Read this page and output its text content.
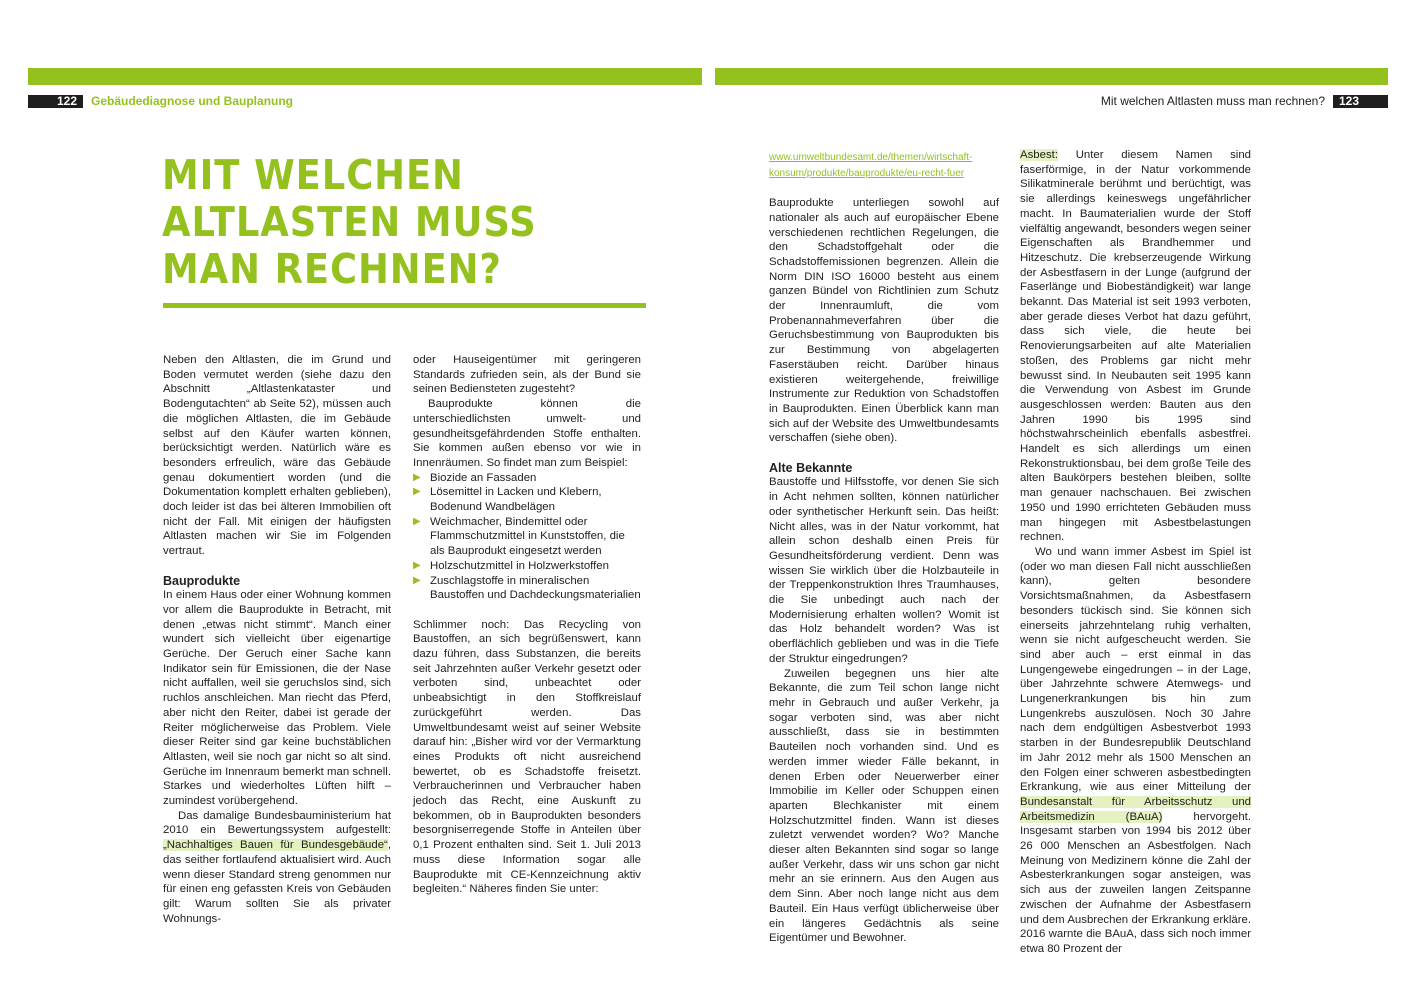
122	Gebäudediagnose und Bauplanung	Mit welchen Altlasten muss man rechnen?	123
MIT WELCHEN
ALTLASTEN MUSS
MAN RECHNEN?

Neben den Altlasten, die im Grund und Boden vermutet werden (siehe dazu den Abschnitt „Altlastenkataster und Bodengutachten“ ab Seite 52), müssen auch die möglichen Altlasten, die im Gebäude selbst auf den Käufer warten können, berücksichtigt werden. Natürlich wäre es besonders erfreulich, wäre das Gebäude genau dokumentiert worden (und die Dokumentation komplett erhalten geblieben), doch leider ist das bei älteren Immobilien oft nicht der Fall. Mit einigen der häufigsten Altlasten machen wir Sie im Folgenden vertraut.

Bauprodukte

In einem Haus oder einer Wohnung kommen vor allem die Bauprodukte in Betracht, mit denen „etwas nicht stimmt“. Manch einer wundert sich vielleicht über eigenartige Gerüche. Der Geruch einer Sache kann Indikator sein für Emissionen, die der Nase nicht auffallen, weil sie geruchslos sind, sich ruchlos anschleichen. Man riecht das Pferd, aber nicht den Reiter, dabei ist gerade der Reiter möglicherweise das Problem. Viele dieser Reiter sind gar keine buchstäblichen Altlasten, weil sie noch gar nicht so alt sind. Gerüche im Innenraum bemerkt man schnell. Starkes und wiederholtes Lüften hilft – zumindest vorübergehend.

Das damalige Bundesbauministerium hat 2010 ein Bewertungssystem aufgestellt: „Nachhaltiges Bauen für Bundesgebäude“, das seither fortlaufend aktualisiert wird. Auch wenn dieser Standard streng genommen nur für einen eng gefassten Kreis von Gebäuden gilt: Warum sollten Sie als privater Wohnungs-

oder Hauseigentümer mit geringeren Standards zufrieden sein, als der Bund sie seinen Bediensteten zugesteht?

Bauprodukte können die unterschiedlichsten umwelt- und gesundheitsgefährdenden Stoffe enthalten. Sie kommen außen ebenso vor wie in Innenräumen. So findet man zum Beispiel:

▶ Biozide an Fassaden
▶ Lösemittel in Lacken und Klebern, Bodenund Wandbelägen
▶ Weichmacher, Bindemittel oder Flammschutzmittel in Kunststoffen, die als Bauprodukt eingesetzt werden
▶ Holzschutzmittel in Holzwerkstoffen
▶ Zuschlagstoffe in mineralischen Baustoffen und Dachdeckungsmaterialien

Schlimmer noch: Das Recycling von Baustoffen, an sich begrüßenswert, kann dazu führen, dass Substanzen, die bereits seit Jahrzehnten außer Verkehr gesetzt oder verboten sind, unbeachtet oder unbeabsichtigt in den Stoffkreislauf zurückgeführt werden. Das Umweltbundesamt weist auf seiner Website darauf hin: „Bisher wird vor der Vermarktung eines Produkts oft nicht ausreichend bewertet, ob es Schadstoffe freisetzt. Verbraucherinnen und Verbraucher haben jedoch das Recht, eine Auskunft zu bekommen, ob in Bauprodukten besonders besorgniserregende Stoffe in Anteilen über 0,1 Prozent enthalten sind. Seit 1. Juli 2013 muss diese Information sogar alle Bauprodukte mit CE-Kennzeichnung aktiv begleiten.“ Näheres finden Sie unter:

www.umweltbundesamt.de/themen/wirtschaft-konsum/produkte/bauprodukte/eu-recht-fuer

Bauprodukte unterliegen sowohl auf nationaler als auch auf europäischer Ebene verschiedenen rechtlichen Regelungen, die den Schadstoffgehalt oder die Schadstoffemissionen begrenzen. Allein die Norm DIN ISO 16000 besteht aus einem ganzen Bündel von Richtlinien zum Schutz der Innenraumluft, die vom Probenannahmeverfahren über die Geruchsbestimmung von Bauprodukten bis zur Bestimmung von abgelagerten Faserstäuben reicht. Darüber hinaus existieren weitergehende, freiwillige Instrumente zur Reduktion von Schadstoffen in Bauprodukten. Einen Überblick kann man sich auf der Website des Umweltbundesamts verschaffen (siehe oben).

Alte Bekannte

Baustoffe und Hilfsstoffe, vor denen Sie sich in Acht nehmen sollten, können natürlicher oder synthetischer Herkunft sein. Das heißt: Nicht alles, was in der Natur vorkommt, hat allein schon deshalb einen Preis für Gesundheitsförderung verdient. Denn was wissen Sie wirklich über die Holzbauteile in der Treppenkonstruktion Ihres Traumhauses, die Sie unbedingt auch nach der Modernisierung erhalten wollen? Womit ist das Holz behandelt worden? Was ist oberflächlich geblieben und was in die Tiefe der Struktur eingedrungen?

Zuweilen begegnen uns hier alte Bekannte, die zum Teil schon lange nicht mehr in Gebrauch und außer Verkehr, ja sogar verboten sind, was aber nicht ausschließt, dass sie in bestimmten Bauteilen noch vorhanden sind. Und es werden immer wieder Fälle bekannt, in denen Erben oder Neuerwerber einer Immobilie im Keller oder Schuppen einen aparten Blechkanister mit einem Holzschutzmittel finden. Wann ist dieses zuletzt verwendet worden? Wo? Manche dieser alten Bekannten sind sogar so lange außer Verkehr, dass wir uns schon gar nicht mehr an sie erinnern. Aus den Augen aus dem Sinn. Aber noch lange nicht aus dem Bauteil. Ein Haus verfügt üblicherweise über ein längeres Gedächtnis als seine Eigentümer und Bewohner.

Asbest: Unter diesem Namen sind faserförmige, in der Natur vorkommende Silikatminerale berühmt und berüchtigt, was sie allerdings keineswegs ungefährlicher macht. In Baumaterialien wurde der Stoff vielfältig angewandt, besonders wegen seiner Eigenschaften als Brandhemmer und Hitzeschutz. Die krebserzeugende Wirkung der Asbestfasern in der Lunge (aufgrund der Faserlänge und Biobeständigkeit) war lange bekannt. Das Material ist seit 1993 verboten, aber gerade dieses Verbot hat dazu geführt, dass sich viele, die heute bei Renovierungsarbeiten auf alte Materialien stoßen, des Problems gar nicht mehr bewusst sind. In Neubauten seit 1995 kann die Verwendung von Asbest im Grunde ausgeschlossen werden: Bauten aus den Jahren 1990 bis 1995 sind höchstwahrscheinlich ebenfalls asbestfrei. Handelt es sich allerdings um einen Rekonstruktionsbau, bei dem große Teile des alten Baukörpers bestehen bleiben, sollte man genauer nachschauen. Bei zwischen 1950 und 1990 errichteten Gebäuden muss man hingegen mit Asbestbelastungen rechnen.

Wo und wann immer Asbest im Spiel ist (oder wo man diesen Fall nicht ausschließen kann), gelten besondere Vorsichtsmaßnahmen, da Asbestfasern besonders tückisch sind. Sie können sich einerseits jahrzehntelang ruhig verhalten, wenn sie nicht aufgescheucht werden. Sie sind aber auch – erst einmal in das Lungengewebe eingedrungen – in der Lage, über Jahrzehnte schwere Atemwegs- und Lungenerkrankungen bis hin zum Lungenkrebs auszulösen. Noch 30 Jahre nach dem endgültigen Asbestverbot 1993 starben in der Bundesrepublik Deutschland im Jahr 2012 mehr als 1500 Menschen an den Folgen einer schweren asbestbedingten Erkrankung, wie aus einer Mitteilung der Bundesanstalt für Arbeitsschutz und Arbeitsmedizin (BAuA) hervorgeht. Insgesamt starben von 1994 bis 2012 über 26 000 Menschen an Asbestfolgen. Nach Meinung von Medizinern könne die Zahl der Asbesterkrankungen sogar ansteigen, was sich aus der zuweilen langen Zeitspanne zwischen der Aufnahme der Asbestfasern und dem Ausbrechen der Erkrankung erkläre. 2016 warnte die BAuA, dass sich noch immer etwa 80 Prozent der
